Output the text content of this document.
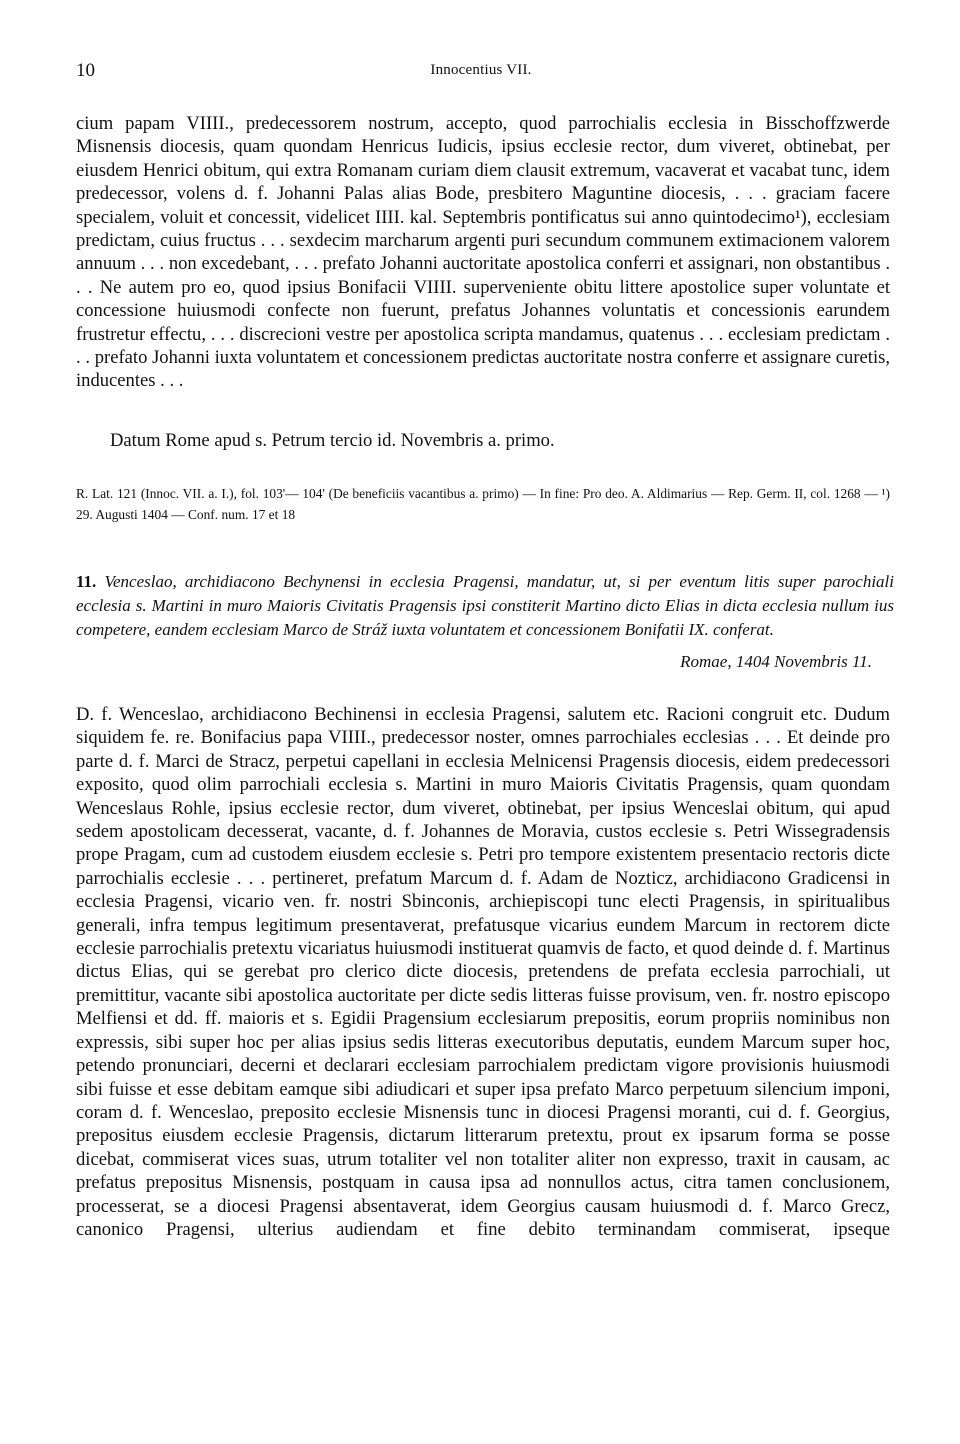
10	Innocentius VII.

cium papam VIIII., predecessorem nostrum, accepto, quod parrochialis ecclesia in Bisschoffzwerde Misnensis diocesis, quam quondam Henricus Iudicis, ipsius ecclesie rector, dum viveret, obtinebat, per eiusdem Henrici obitum, qui extra Romanam curiam diem clausit extremum, vacaverat et vacabat tunc, idem predecessor, volens d. f. Johanni Palas alias Bode, presbitero Maguntine diocesis, . . . graciam facere specialem, voluit et concessit, videlicet IIII. kal. Septembris pontificatus sui anno quintodecimo¹), ecclesiam predictam, cuius fructus . . . sexdecim marcharum argenti puri secundum communem extimacionem valorem annuum . . . non excedebant, . . . prefato Johanni auctoritate apostolica conferri et assignari, non obstantibus . . . Ne autem pro eo, quod ipsius Bonifacii VIIII. superveniente obitu littere apostolice super voluntate et concessione huiusmodi confecte non fuerunt, prefatus Johannes voluntatis et concessionis earundem frustretur effectu, . . . discrecioni vestre per apostolica scripta mandamus, quatenus . . . ecclesiam predictam . . . prefato Johanni iuxta voluntatem et concessionem predictas auctoritate nostra conferre et assignare curetis, inducentes . . .

Datum Rome apud s. Petrum tercio id. Novembris a. primo.
R. Lat. 121 (Innoc. VII. a. I.), fol. 103'— 104' (De beneficiis vacantibus a. primo) — In fine: Pro deo. A. Aldimarius — Rep. Germ. II, col. 1268 — ¹) 29. Augusti 1404 — Conf. num. 17 et 18
11. Venceslao, archidiacono Bechynensi in ecclesia Pragensi, mandatur, ut, si per eventum litis super parochiali ecclesia s. Martini in muro Maioris Civitatis Pragensis ipsi constiterit Martino dicto Elias in dicta ecclesia nullum ius competere, eandem ecclesiam Marco de Stráž iuxta voluntatem et concessionem Bonifatii IX. conferat.
Romae, 1404 Novembris 11.

D. f. Wenceslao, archidiacono Bechinensi in ecclesia Pragensi, salutem etc. Racioni congruit etc. Dudum siquidem fe. re. Bonifacius papa VIIII., predecessor noster, omnes parrochiales ecclesias . . . Et deinde pro parte d. f. Marci de Stracz, perpetui capellani in ecclesia Melnicensi Pragensis diocesis, eidem predecessori exposito, quod olim parrochiali ecclesia s. Martini in muro Maioris Civitatis Pragensis, quam quondam Wenceslaus Rohle, ipsius ecclesie rector, dum viveret, obtinebat, per ipsius Wenceslai obitum, qui apud sedem apostolicam decesserat, vacante, d. f. Johannes de Moravia, custos ecclesie s. Petri Wissegradensis prope Pragam, cum ad custodem eiusdem ecclesie s. Petri pro tempore existentem presentacio rectoris dicte parrochialis ecclesie . . . pertineret, prefatum Marcum d. f. Adam de Nozticz, archidiacono Gradicensi in ecclesia Pragensi, vicario ven. fr. nostri Sbinconis, archiepiscopi tunc electi Pragensis, in spiritualibus generali, infra tempus legitimum presentaverat, prefatusque vicarius eundem Marcum in rectorem dicte ecclesie parrochialis pretextu vicariatus huiusmodi instituerat quamvis de facto, et quod deinde d. f. Martinus dictus Elias, qui se gerebat pro clerico dicte diocesis, pretendens de prefata ecclesia parrochiali, ut premittitur, vacante sibi apostolica auctoritate per dicte sedis litteras fuisse provisum, ven. fr. nostro episcopo Melfiensi et dd. ff. maioris et s. Egidii Pragensium ecclesiarum prepositis, eorum propriis nominibus non expressis, sibi super hoc per alias ipsius sedis litteras executoribus deputatis, eundem Marcum super hoc, petendo pronunciari, decerni et declarari ecclesiam parrochialem predictam vigore provisionis huiusmodi sibi fuisse et esse debitam eamque sibi adiudicari et super ipsa prefato Marco perpetuum silencium imponi, coram d. f. Wenceslao, preposito ecclesie Misnensis tunc in diocesi Pragensi moranti, cui d. f. Georgius, prepositus eiusdem ecclesie Pragensis, dictarum litterarum pretextu, prout ex ipsarum forma se posse dicebat, commiserat vices suas, utrum totaliter vel non totaliter aliter non expresso, traxit in causam, ac prefatus prepositus Misnensis, postquam in causa ipsa ad nonnullos actus, citra tamen conclusionem, processerat, se a diocesi Pragensi absentaverat, idem Georgius causam huiusmodi d. f. Marco Grecz, canonico Pragensi, ulterius audiendam et fine debito terminandam commiserat, ipseque
